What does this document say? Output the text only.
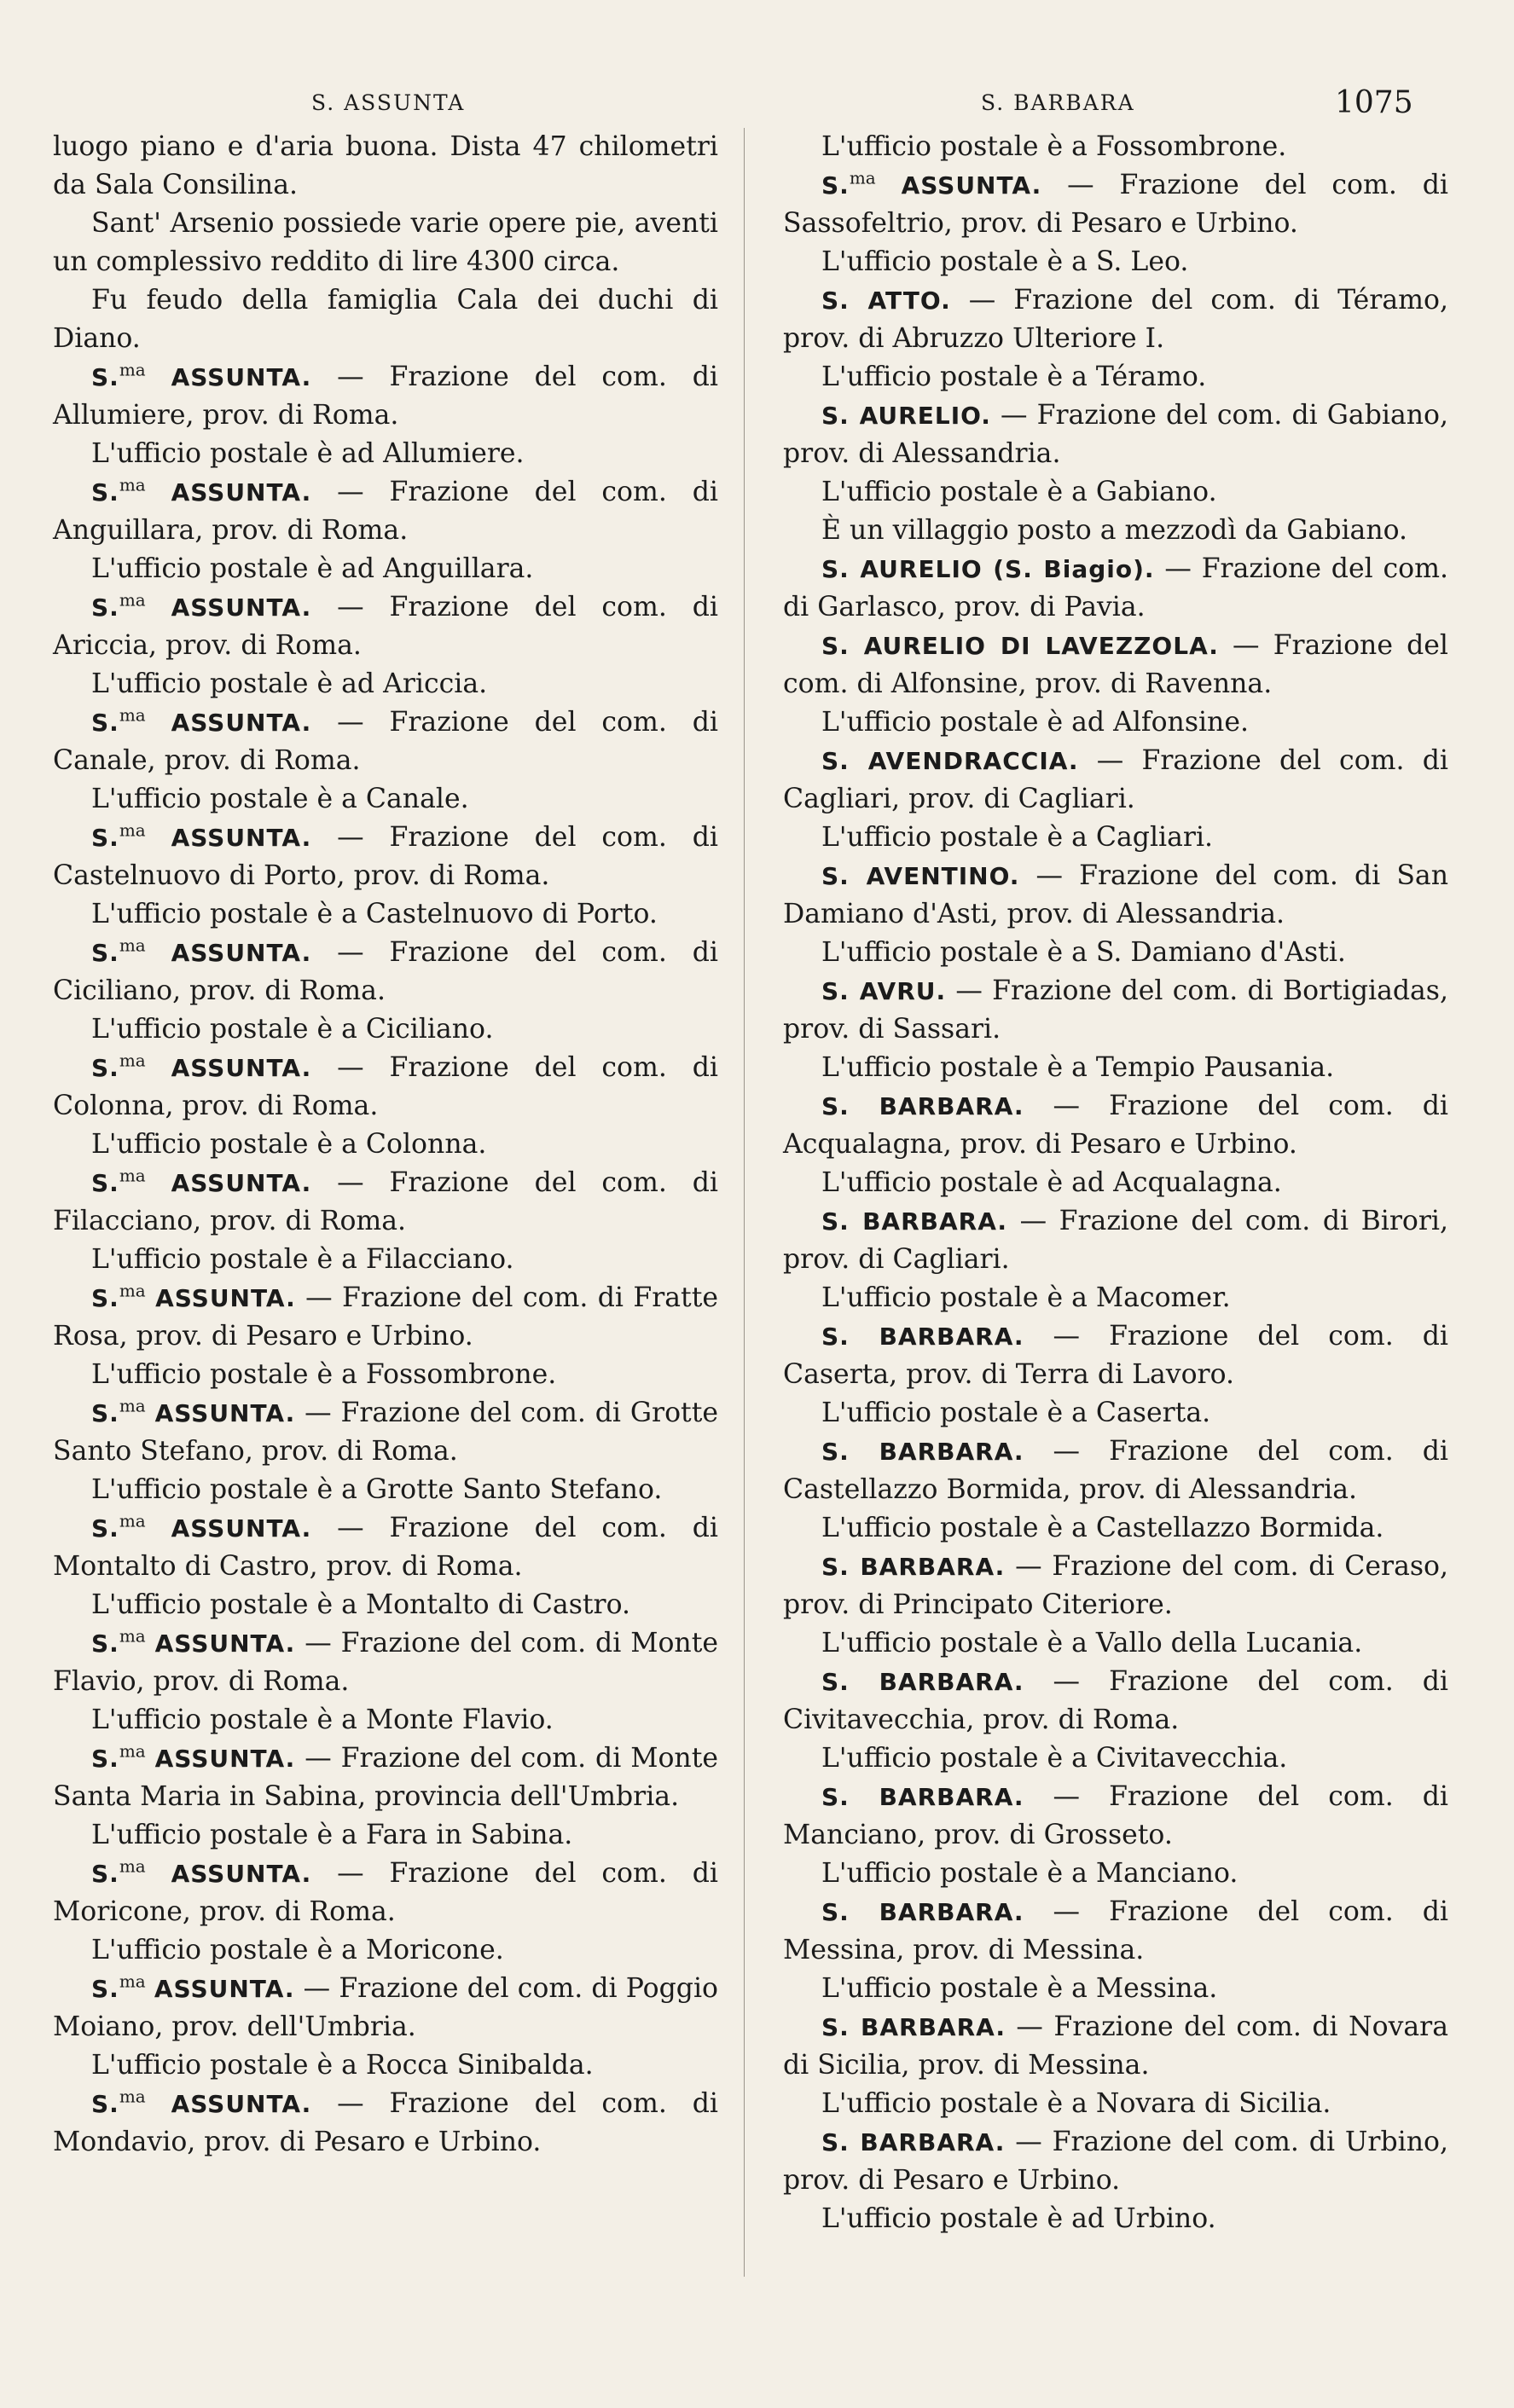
S. ASSUNTA	S. BARBARA	1075

luogo piano e d'aria buona. Dista 47 chilometri da Sala Consilina.

Sant' Arsenio possiede varie opere pie, aventi un complessivo reddito di lire 4300 circa.

Fu feudo della famiglia Cala dei duchi di Diano.

S.$^{ma}$ ASSUNTA. — Frazione del com. di Allumiere, prov. di Roma.

L'ufficio postale è ad Allumiere.

S.$^{ma}$ ASSUNTA. — Frazione del com. di Anguillara, prov. di Roma.

L'ufficio postale è ad Anguillara.

S.$^{ma}$ ASSUNTA. — Frazione del com. di Ariccia, prov. di Roma.

L'ufficio postale è ad Ariccia.

S.$^{ma}$ ASSUNTA. — Frazione del com. di Canale, prov. di Roma.

L'ufficio postale è a Canale.

S.$^{ma}$ ASSUNTA. — Frazione del com. di Castelnuovo di Porto, prov. di Roma.

L'ufficio postale è a Castelnuovo di Porto.

S.$^{ma}$ ASSUNTA. — Frazione del com. di Ciciliano, prov. di Roma.

L'ufficio postale è a Ciciliano.

S.$^{ma}$ ASSUNTA. — Frazione del com. di Colonna, prov. di Roma.

L'ufficio postale è a Colonna.

S.$^{ma}$ ASSUNTA. — Frazione del com. di Filacciano, prov. di Roma.

L'ufficio postale è a Filacciano.

S.$^{ma}$ ASSUNTA. — Frazione del com. di Fratte Rosa, prov. di Pesaro e Urbino.

L'ufficio postale è a Fossombrone.

S.$^{ma}$ ASSUNTA. — Frazione del com. di Grotte Santo Stefano, prov. di Roma.

L'ufficio postale è a Grotte Santo Stefano.

S.$^{ma}$ ASSUNTA. — Frazione del com. di Montalto di Castro, prov. di Roma.

L'ufficio postale è a Montalto di Castro.

S.$^{ma}$ ASSUNTA. — Frazione del com. di Monte Flavio, prov. di Roma.

L'ufficio postale è a Monte Flavio.

S.$^{ma}$ ASSUNTA. — Frazione del com. di Monte Santa Maria in Sabina, provincia dell'Umbria.

L'ufficio postale è a Fara in Sabina.

S.$^{ma}$ ASSUNTA. — Frazione del com. di Moricone, prov. di Roma.

L'ufficio postale è a Moricone.

S.$^{ma}$ ASSUNTA. — Frazione del com. di Poggio Moiano, prov. dell'Umbria.

L'ufficio postale è a Rocca Sinibalda.

S.$^{ma}$ ASSUNTA. — Frazione del com. di Mondavio, prov. di Pesaro e Urbino.

L'ufficio postale è a Fossombrone.

S.$^{ma}$ ASSUNTA. — Frazione del com. di Sassofeltrio, prov. di Pesaro e Urbino.

L'ufficio postale è a S. Leo.

S. ATTO. — Frazione del com. di Téramo, prov. di Abruzzo Ulteriore I.

L'ufficio postale è a Téramo.

S. AURELIO. — Frazione del com. di Gabiano, prov. di Alessandria.

L'ufficio postale è a Gabiano.

È un villaggio posto a mezzodì da Gabiano.

S. AURELIO (S. Biagio). — Frazione del com. di Garlasco, prov. di Pavia.

S. AURELIO DI LAVEZZOLA. — Frazione del com. di Alfonsine, prov. di Ravenna.

L'ufficio postale è ad Alfonsine.

S. AVENDRACCIA. — Frazione del com. di Cagliari, prov. di Cagliari.

L'ufficio postale è a Cagliari.

S. AVENTINO. — Frazione del com. di San Damiano d'Asti, prov. di Alessandria.

L'ufficio postale è a S. Damiano d'Asti.

S. AVRU. — Frazione del com. di Bortigiadas, prov. di Sassari.

L'ufficio postale è a Tempio Pausania.

S. BARBARA. — Frazione del com. di Acqualagna, prov. di Pesaro e Urbino.

L'ufficio postale è ad Acqualagna.

S. BARBARA. — Frazione del com. di Birori, prov. di Cagliari.

L'ufficio postale è a Macomer.

S. BARBARA. — Frazione del com. di Caserta, prov. di Terra di Lavoro.

L'ufficio postale è a Caserta.

S. BARBARA. — Frazione del com. di Castellazzo Bormida, prov. di Alessandria.

L'ufficio postale è a Castellazzo Bormida.

S. BARBARA. — Frazione del com. di Ceraso, prov. di Principato Citeriore.

L'ufficio postale è a Vallo della Lucania.

S. BARBARA. — Frazione del com. di Civitavecchia, prov. di Roma.

L'ufficio postale è a Civitavecchia.

S. BARBARA. — Frazione del com. di Manciano, prov. di Grosseto.

L'ufficio postale è a Manciano.

S. BARBARA. — Frazione del com. di Messina, prov. di Messina.

L'ufficio postale è a Messina.

S. BARBARA. — Frazione del com. di Novara di Sicilia, prov. di Messina.

L'ufficio postale è a Novara di Sicilia.

S. BARBARA. — Frazione del com. di Urbino, prov. di Pesaro e Urbino.

L'ufficio postale è ad Urbino.
